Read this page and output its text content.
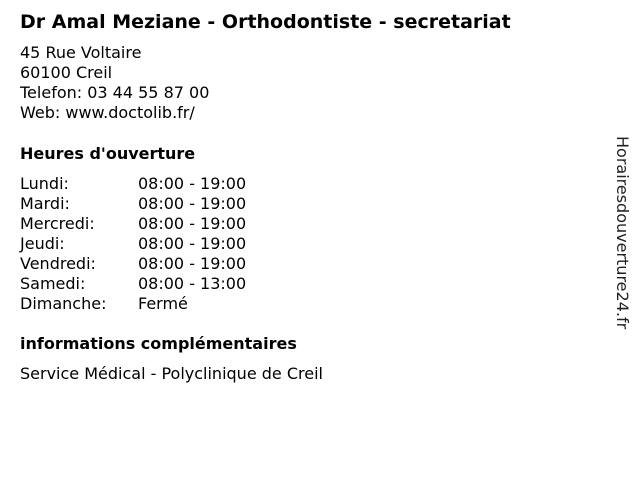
Dr Amal Meziane - Orthodontiste - secretariat
45 Rue Voltaire
60100 Creil
Telefon: 03 44 55 87 00
Web: www.doctolib.fr/
Heures d'ouverture
Lundi:	08:00 - 19:00
Mardi:	08:00 - 19:00
Mercredi:	08:00 - 19:00
Jeudi:	08:00 - 19:00
Vendredi:	08:00 - 19:00
Samedi:	08:00 - 13:00
Dimanche: Fermé
informations complémentaires
Service Médical - Polyclinique de Creil
Horairesdouverture24.fr
